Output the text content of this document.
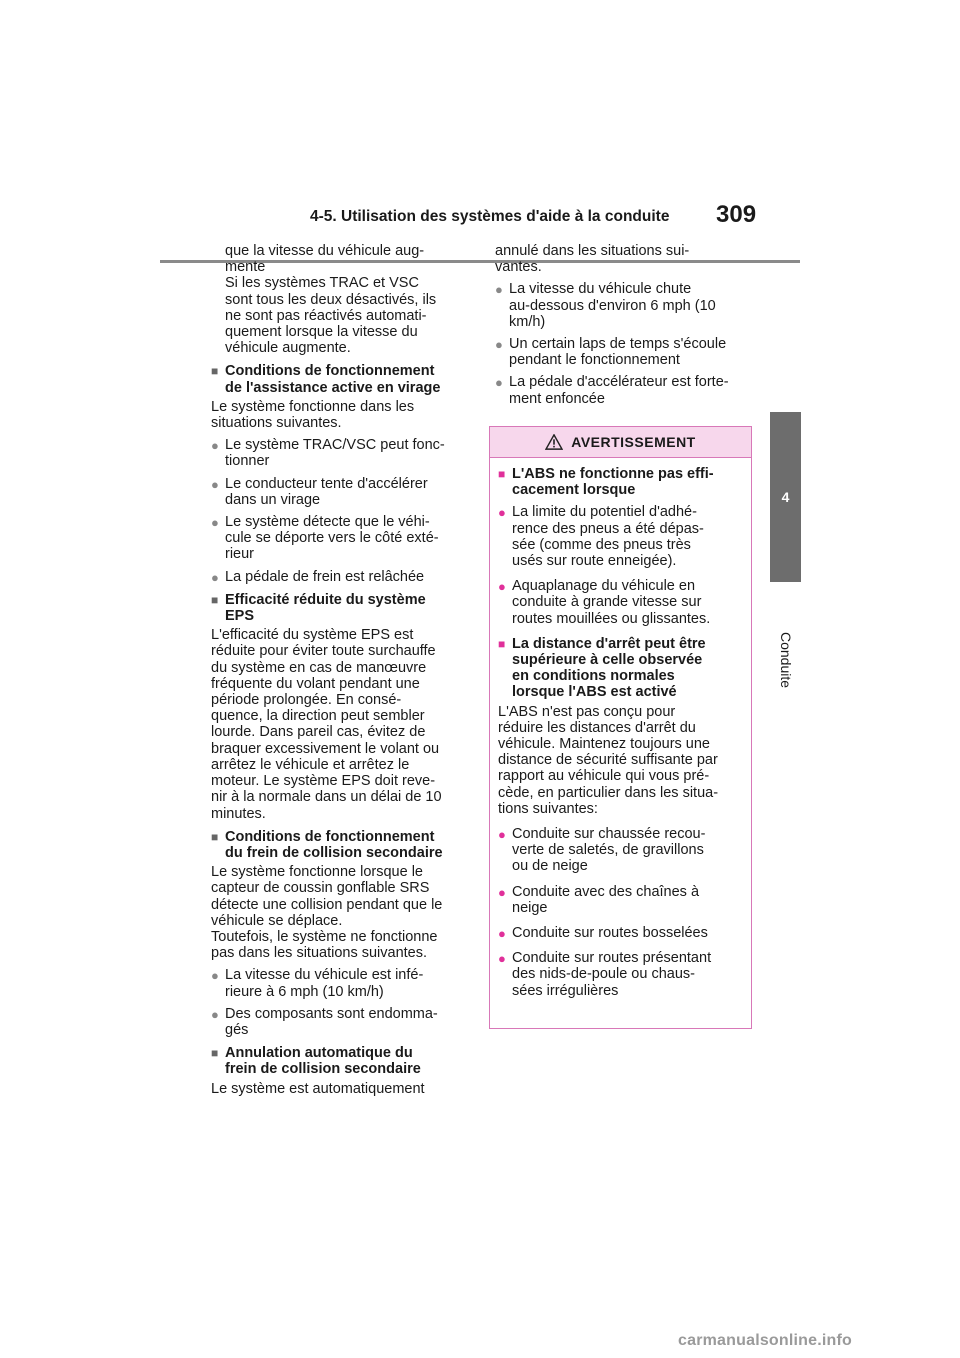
4-5. Utilisation des systèmes d'aide à la conduite 309
4
Conduite
que la vitesse du véhicule aug-
mente
Si les systèmes TRAC et VSC
sont tous les deux désactivés, ils
ne sont pas réactivés automati-
quement lorsque la vitesse du
véhicule augmente.
■ Conditions de fonctionnement
de l'assistance active en virage
Le système fonctionne dans les
situations suivantes.
● Le système TRAC/VSC peut fonc-
tionner
● Le conducteur tente d'accélérer
dans un virage
● Le système détecte que le véhi-
cule se déporte vers le côté exté-
rieur
● La pédale de frein est relâchée
■ Efficacité réduite du système
EPS
L'efficacité du système EPS est
réduite pour éviter toute surchauffe
du système en cas de manœuvre
fréquente du volant pendant une
période prolongée. En consé-
quence, la direction peut sembler
lourde. Dans pareil cas, évitez de
braquer excessivement le volant ou
arrêtez le véhicule et arrêtez le
moteur. Le système EPS doit reve-
nir à la normale dans un délai de 10
minutes.
■ Conditions de fonctionnement
du frein de collision secondaire
Le système fonctionne lorsque le
capteur de coussin gonflable SRS
détecte une collision pendant que le
véhicule se déplace.
Toutefois, le système ne fonctionne
pas dans les situations suivantes.
● La vitesse du véhicule est infé-
rieure à 6 mph (10 km/h)
● Des composants sont endomma-
gés
■ Annulation automatique du
frein de collision secondaire
Le système est automatiquement
annulé dans les situations sui-
vantes.
● La vitesse du véhicule chute
au-dessous d'environ 6 mph (10
km/h)
● Un certain laps de temps s'écoule
pendant le fonctionnement
● La pédale d'accélérateur est forte-
ment enfoncée
AVERTISSEMENT
■ L'ABS ne fonctionne pas effi-
cacement lorsque
● La limite du potentiel d'adhé-
rence des pneus a été dépas-
sée (comme des pneus très
usés sur route enneigée).
● Aquaplanage du véhicule en
conduite à grande vitesse sur
routes mouillées ou glissantes.
■ La distance d'arrêt peut être
supérieure à celle observée
en conditions normales
lorsque l'ABS est activé
L'ABS n'est pas conçu pour
réduire les distances d'arrêt du
véhicule. Maintenez toujours une
distance de sécurité suffisante par
rapport au véhicule qui vous pré-
cède, en particulier dans les situa-
tions suivantes:
● Conduite sur chaussée recou-
verte de saletés, de gravillons
ou de neige
● Conduite avec des chaînes à
neige
● Conduite sur routes bosselées
● Conduite sur routes présentant
des nids-de-poule ou chaus-
sées irrégulières
carmanualsonline.info
